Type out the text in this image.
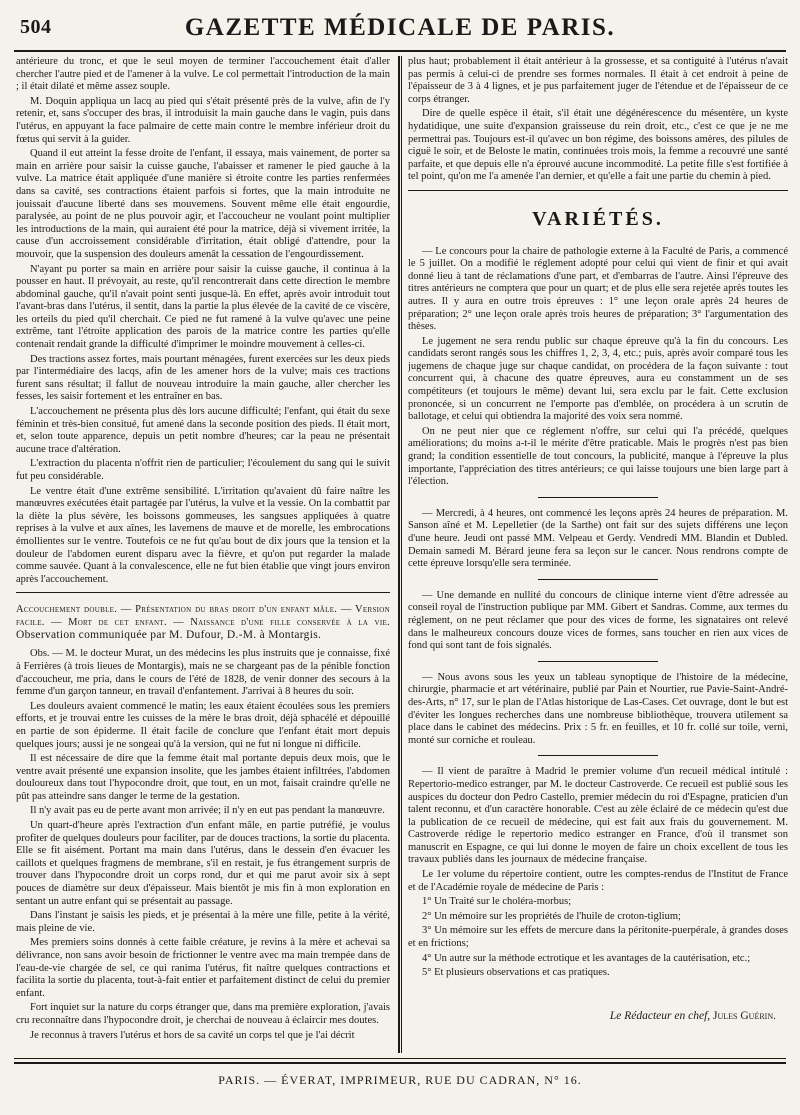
504	GAZETTE MÉDICALE DE PARIS.

antérieure du tronc, et que le seul moyen de terminer l'accouchement était d'aller chercher l'autre pied et de l'amener à la vulve. Le col permettait l'introduction de la main ; il était dilaté et même assez souple.

M. Doquin appliqua un lacq au pied qui s'était présenté près de la vulve, afin de l'y retenir, et, sans s'occuper des bras, il introduisit la main gauche dans le vagin, puis dans l'utérus, en appuyant la face palmaire de cette main contre le membre inférieur droit du fœtus qui servit à la guider.

Quand il eut atteint la fesse droite de l'enfant, il essaya, mais vainement, de porter sa main en arrière pour saisir la cuisse gauche, l'abaisser et ramener le pied gauche à la vulve. La matrice était appliquée d'une manière si étroite contre les parties renfermées dans sa cavité, ses contractions étaient parfois si fortes, que la main introduite ne jouissait d'aucune liberté dans ses mouvemens. Souvent même elle était engourdie, paralysée, au point de ne plus pouvoir agir, et l'accoucheur ne voulant point multiplier les introductions de la main, qui auraient été pour la matrice, déjà si vivement irritée, la cause d'un accroissement considérable d'irritation, était obligé d'attendre, pour la mouvoir, que la suspension des douleurs amenât la cessation de l'engourdissement.

N'ayant pu porter sa main en arrière pour saisir la cuisse gauche, il continua à la pousser en haut. Il prévoyait, au reste, qu'il rencontrerait dans cette direction le membre abdominal gauche, qu'il n'avait point senti jusque-là. En effet, après avoir introduit tout l'avant-bras dans l'utérus, il sentit, dans la partie la plus élevée de la cavité de ce viscère, les orteils du pied qu'il cherchait. Ce pied ne fut ramené à la vulve qu'avec une peine extrême, tant l'étroite application des parois de la matrice contre les parties qu'elle contenait rendait grande la difficulté d'imprimer le moindre mouvement à celles-ci.

Des tractions assez fortes, mais pourtant ménagées, furent exercées sur les deux pieds par l'intermédiaire des lacqs, afin de les amener hors de la vulve; mais ces tractions furent sans résultat; il fallut de nouveau introduire la main gauche, aller chercher les fesses, les saisir fortement et les entraîner en bas.

L'accouchement ne présenta plus dès lors aucune difficulté; l'enfant, qui était du sexe féminin et très-bien consitué, fut amené dans la seconde position des pieds. Il était mort, et, selon toute apparence, depuis un petit nombre d'heures; car la peau ne présentait aucune trace d'altération.

L'extraction du placenta n'offrit rien de particulier; l'écoulement du sang qui le suivit fut peu considérable.

Le ventre était d'une extrême sensibilité. L'irritation qu'avaient dû faire naître les manœuvres exécutées était partagée par l'utérus, la vulve et la vessie. On la combattit par la diète la plus sévère, les boissons gommeuses, les sangsues appliquées à quatre reprises à la vulve et aux aînes, les lavemens de mauve et de morelle, les embrocations émollientes sur le ventre. Toutefois ce ne fut qu'au bout de dix jours que la tension et la douleur de l'abdomen eurent disparu avec la fièvre, et qu'on put regarder la malade comme sauvée. Quant à la convalescence, elle ne fut bien établie que vingt jours environ après l'accouchement.

Accouchement double. — Présentation du bras droit d'un enfant mâle. — Version facile. — Mort de cet enfant. — Naissance d'une fille conservée à la vie. Observation communiquée par M. Dufour, D.-M. à Montargis.

Obs. — M. le docteur Murat, un des médecins les plus instruits que je connaisse, fixé à Ferrières (à trois lieues de Montargis), mais ne se chargeant pas de la pénible fonction d'accoucheur, me pria, dans le cours de l'été de 1828, de venir donner des secours à la femme d'un garçon tanneur, en travail d'enfantement. J'arrivai à 8 heures du soir.

Les douleurs avaient commencé le matin; les eaux étaient écoulées sous les premiers efforts, et je trouvai entre les cuisses de la mère le bras droit, déjà sphacélé et dépouillé en partie de son épiderme. Il était facile de conclure que l'enfant était mort depuis quelques jours; aussi je ne songeai qu'à la version, qui ne fut ni longue ni difficile.

Il est nécessaire de dire que la femme était mal portante depuis deux mois, que le ventre avait présenté une expansion insolite, que les jambes étaient infiltrées, l'abdomen douloureux dans tout l'hypocondre droit, que tout, en un mot, faisait craindre qu'elle ne pût pas atteindre sans danger le terme de la gestation.

Il n'y avait pas eu de perte avant mon arrivée; il n'y en eut pas pendant la manœuvre.

Un quart-d'heure après l'extraction d'un enfant mâle, en partie putréfié, je voulus profiter de quelques douleurs pour faciliter, par de douces tractions, la sortie du placenta. Elle se fit aisément. Portant ma main dans l'utérus, dans le dessein d'en évacuer les caillots et quelques fragmens de membrane, s'il en restait, je fus étrangement surpris de trouver dans l'hypocondre droit un corps rond, dur et qui me parut avoir six à sept pouces de diamètre sur deux d'épaisseur. Mais bientôt je mis fin à mon exploration en sentant un autre enfant qui se présentait au passage.

Dans l'instant je saisis les pieds, et je présentai à la mère une fille, petite à la vérité, mais pleine de vie.

Mes premiers soins donnés à cette faible créature, je revins à la mère et achevai sa délivrance, non sans avoir besoin de frictionner le ventre avec ma main trempée dans de l'eau-de-vie chargée de sel, ce qui ranima l'utérus, fit naître quelques contractions et facilita la sortie du placenta, tout-à-fait entier et parfaitement distinct de celui du premier enfant.

Fort inquiet sur la nature du corps étranger que, dans ma première exploration, j'avais cru reconnaître dans l'hypocondre droit, je cherchai de nouveau à éclaircir mes doutes.

Je reconnus à travers l'utérus et hors de sa cavité un corps tel que je l'ai décrit

plus haut; probablement il était antérieur à la grossesse, et sa contiguité à l'utérus n'avait pas permis à celui-ci de prendre ses formes normales. Il était à cet endroit à peine de l'épaisseur de 3 à 4 lignes, et je pus parfaitement juger de l'étendue et de l'épaisseur de ce corps étranger.

Dire de quelle espèce il était, s'il était une dégénérescence du mésentère, un kyste hydatidique, une suite d'expansion graisseuse du rein droit, etc., c'est ce que je ne me permettrai pas. Toujours est-il qu'avec un bon régime, des boissons amères, des pilules de ciguë le soir, et de Beloste le matin, continuées trois mois, la femme a recouvré une santé parfaite, et que depuis elle n'a éprouvé aucune incommodité. La petite fille s'est fortifiée à tel point, qu'on me l'a amenée l'an dernier, et qu'elle a fait une partie du chemin à pied.

VARIÉTÉS.

— Le concours pour la chaire de pathologie externe à la Faculté de Paris, a commencé le 5 juillet. On a modifié le réglement adopté pour celui qui vient de finir et qui avait donné lieu à tant de réclamations d'une part, et d'embarras de l'autre. Ainsi l'épreuve des titres antérieurs ne comptera que pour un quart; et de plus elle sera rejetée après toutes les autres. Il y aura en outre trois épreuves : 1° une leçon orale après 24 heures de préparation; 2° une leçon orale après trois heures de préparation; 3° l'argumentation des thèses.

Le jugement ne sera rendu public sur chaque épreuve qu'à la fin du concours. Les candidats seront rangés sous les chiffres 1, 2, 3, 4, etc.; puis, après avoir comparé tous les jugemens de chaque juge sur chaque candidat, on procédera de la façon suivante : tout concurrent qui, à chacune des quatre épreuves, aura eu constamment un de ses compétiteurs (et toujours le même) devant lui, sera exclu par le fait. Cette exclusion prononcée, si un concurrent ne l'emporte pas d'emblée, on procédera à un scrutin de ballotage, et celui qui obtiendra la majorité des voix sera nommé.

On ne peut nier que ce réglement n'offre, sur celui qui l'a précédé, quelques améliorations; du moins a-t-il le mérite d'être praticable. Mais le progrès n'est pas bien grand; la condition essentielle de tout concours, la publicité, manque à l'épreuve la plus importante, l'appréciation des titres antérieurs; ce qui laisse toujours une bien large part à l'élection.

— Mercredi, à 4 heures, ont commencé les leçons après 24 heures de préparation. M. Sanson aîné et M. Lepelletier (de la Sarthe) ont fait sur des sujets différens une leçon d'une heure. Jeudi ont passé MM. Velpeau et Gerdy. Vendredi MM. Blandin et Dubled. Demain samedi M. Bérard jeune fera sa leçon sur le cancer. Nous rendrons compte de cette épreuve lorsqu'elle sera terminée.

— Une demande en nullité du concours de clinique interne vient d'être adressée au conseil royal de l'instruction publique par MM. Gibert et Sandras. Comme, aux termes du réglement, on ne peut réclamer que pour des vices de forme, les signataires ont relevé dans le malheureux concours douze vices de formes, sans toucher en rien aux vices de fond qui sont tant de fois signalés.

— Nous avons sous les yeux un tableau synoptique de l'histoire de la médecine, chirurgie, pharmacie et art vétérinaire, publié par Pain et Nourtier, rue Pavie-Saint-André-des-Arts, n° 17, sur le plan de l'Atlas historique de Las-Cases. Cet ouvrage, dont le but est d'éviter les longues recherches dans une nombreuse bibliothèque, trouvera utilement sa place dans le cabinet des médecins. Prix : 5 fr. en feuilles, et 10 fr. collé sur toile, verni, monté sur corniche et rouleau.

— Il vient de paraître à Madrid le premier volume d'un recueil médical intitulé : Repertorio-medico estranger, par M. le docteur Castroverde. Ce recueil est publié sous les auspices du docteur don Pedro Castello, premier médecin du roi d'Espagne, praticien d'un talent reconnu, et d'un caractère honorable. C'est au zèle éclairé de ce médecin qu'est due la publication de ce recueil de médecine, qui est fait aux frais du gouvernement. M. Castroverde rédige le repertorio medico estranger en France, d'où il transmet son manuscrit en Espagne, ce qui lui donne le moyen de faire un choix excellent de tous les travaux publiés dans les journaux de médecine française.

Le 1er volume du répertoire contient, outre les comptes-rendus de l'Institut de France et de l'Académie royale de médecine de Paris :

1° Un Traité sur le choléra-morbus;

2° Un mémoire sur les propriétés de l'huile de croton-tiglium;

3° Un mémoire sur les effets de mercure dans la péritonite-puerpérale, à grandes doses et en frictions;

4° Un autre sur la méthode ectrotique et les avantages de la cautérisation, etc.;

5° Et plusieurs observations et cas pratiques.

Le Rédacteur en chef, Jules Guérin.
PARIS. — ÉVERAT, IMPRIMEUR, RUE DU CADRAN, N° 16.
